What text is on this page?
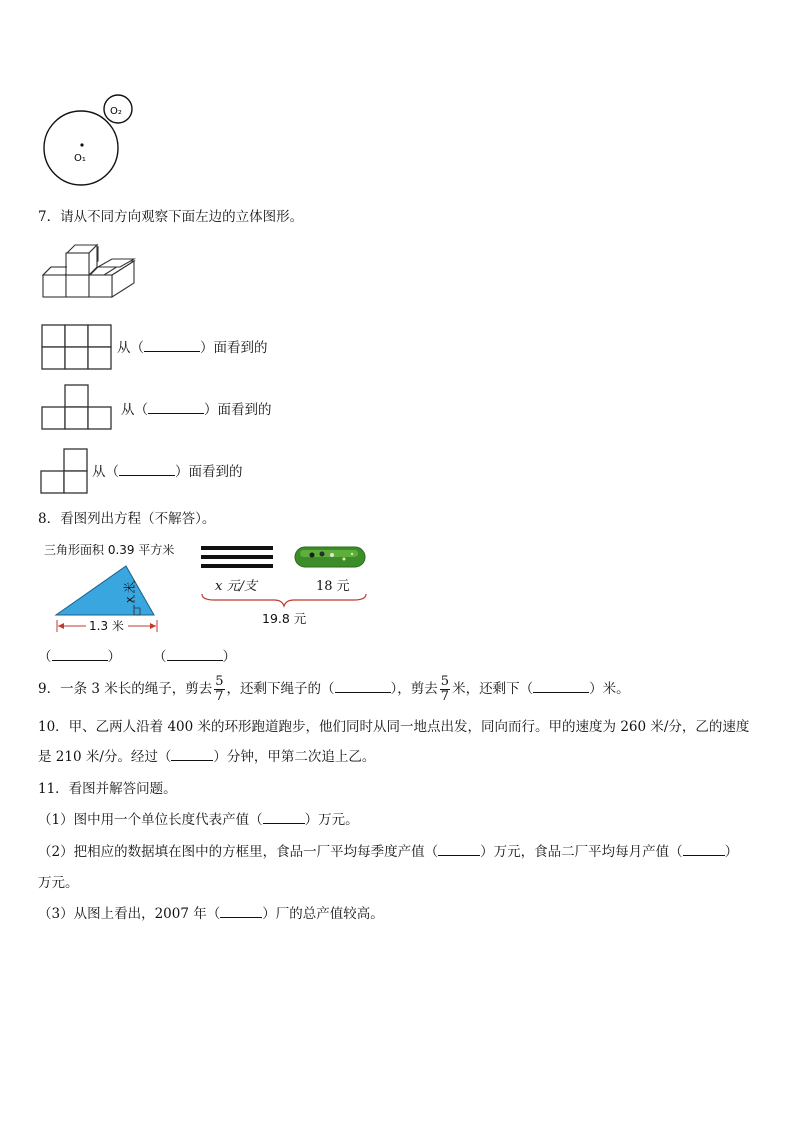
O₂
O₁
7．请从不同方向观察下面左边的立体图形。
从（	）面看到的
从（	）面看到的
从（	）面看到的
8．看图列出方程（不解答）。
三角形面积 0.39 平方米
x 米
1.3 米
x 元/支	18 元
19.8 元
（	） （	）
9．一条 3 米长的绳子，剪去 $\frac{5}{7}$ ，还剩下绳子的（	），剪去 $\frac{5}{7}$ 米，还剩下（	）米。
10．甲、乙两人沿着 400 米的环形跑道跑步，他们同时从同一地点出发，同向而行。甲的速度为 260 米/分，乙的速度
是 210 米/分。经过（	）分钟，甲第二次追上乙。
11．看图并解答问题。
（1）图中用一个单位长度代表产值（	）万元。
（2）把相应的数据填在图中的方框里，食品一厂平均每季度产值（	）万元，食品二厂平均每月产值（	）
万元。
（3）从图上看出，2007 年（	）厂的总产值较高。
